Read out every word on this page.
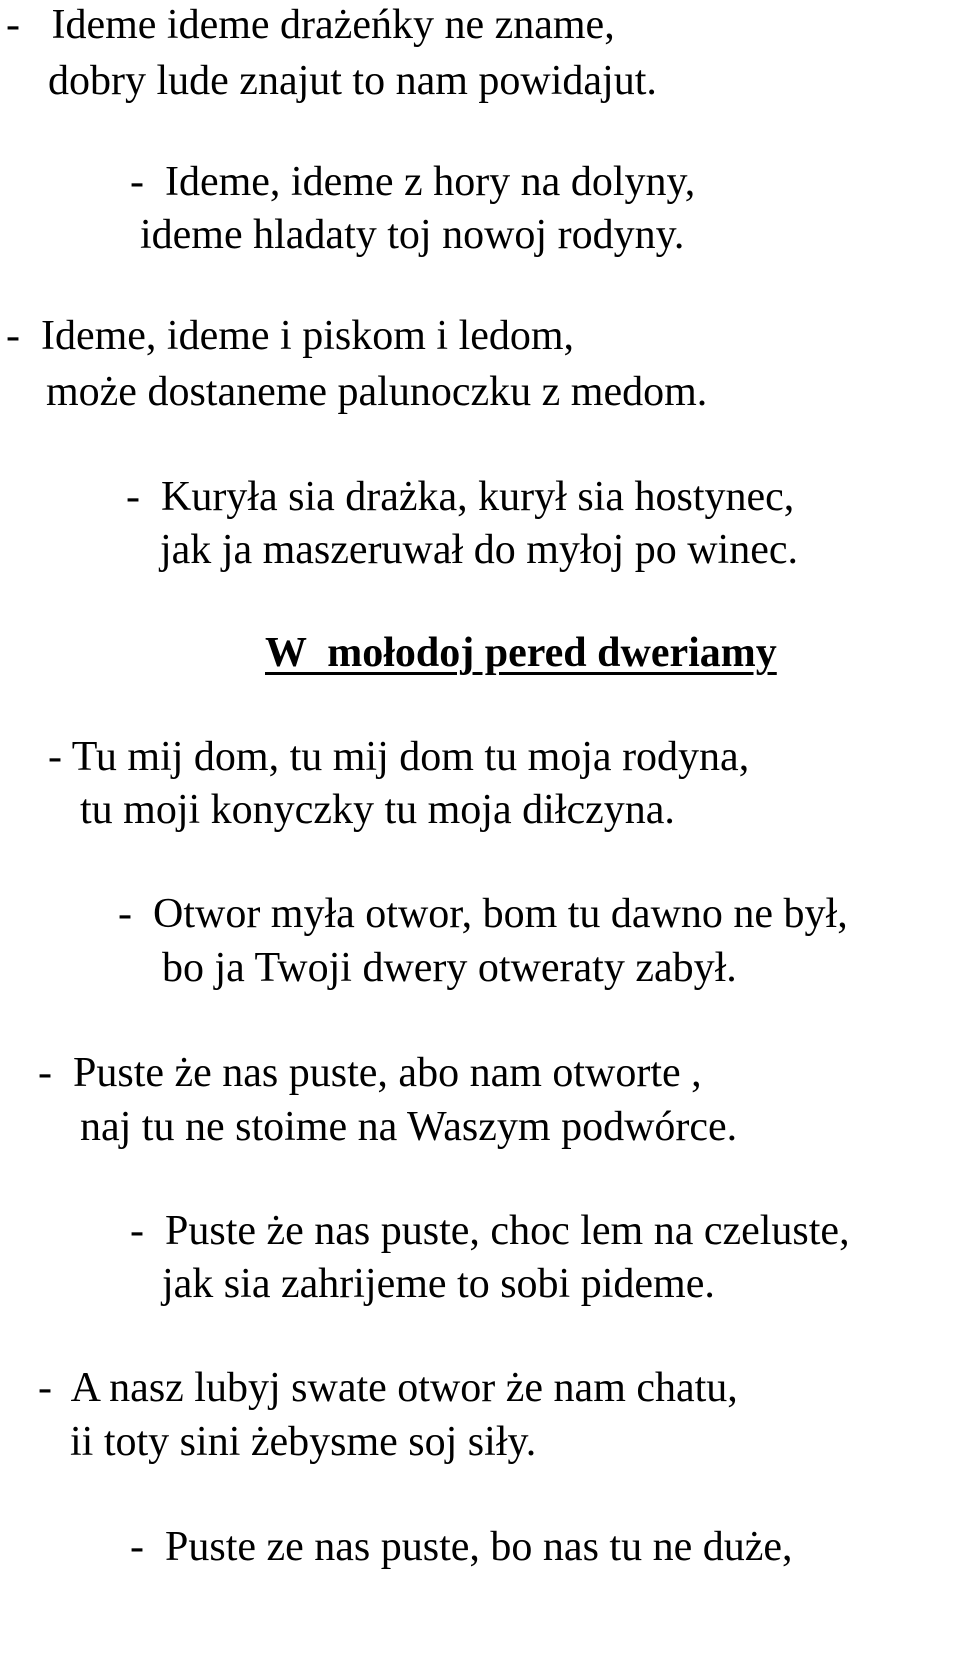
-   Ideme ideme drażeńky ne zname,
dobry lude znajut to nam powidajut.
-  Ideme, ideme z hory na dolyny,
ideme hladaty toj nowoj rodyny.
-  Ideme, ideme i piskom i ledom,
może dostaneme palunoczku z medom.
-  Kuryła sia drażka, kurył sia hostynec,
jak ja maszeruwał do myłoj po winec.
W  mołodoj pered dweriamy
- Tu mij dom, tu mij dom tu moja rodyna,
tu moji konyczky tu moja diłczyna.
-  Otwor myła otwor, bom tu dawno ne był,
bo ja Twoji dwery otweraty zabył.
-  Puste że nas puste, abo nam otworte ,
naj tu ne stoime na Waszym podwórce.
-  Puste że nas puste, choc lem na czeluste,
jak sia zahrijeme to sobi pideme.
-  A nasz lubyj swate otwor że nam chatu,
ii toty sini żebysme soj siły.
-  Puste ze nas puste, bo nas tu ne duże,
